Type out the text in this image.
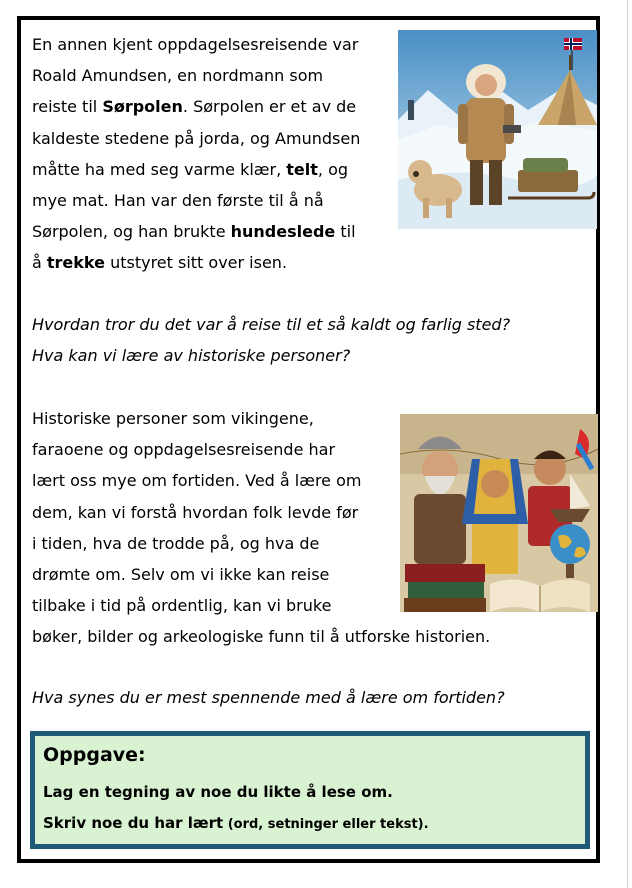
En annen kjent oppdagelsesreisende var
Roald Amundsen, en nordmann som
reiste til Sørpolen. Sørpolen er et av de
kaldeste stedene på jorda, og Amundsen
måtte ha med seg varme klær, telt, og
mye mat. Han var den første til å nå
Sørpolen, og han brukte hundeslede til
å trekke utstyret sitt over isen.
Hvordan tror du det var å reise til et så kaldt og farlig sted?
Hva kan vi lære av historiske personer?
Historiske personer som vikingene,
faraoene og oppdagelsesreisende har
lært oss mye om fortiden. Ved å lære om
dem, kan vi forstå hvordan folk levde før
i tiden, hva de trodde på, og hva de
drømte om. Selv om vi ikke kan reise
tilbake i tid på ordentlig, kan vi bruke
bøker, bilder og arkeologiske funn til å utforske historien.
Hva synes du er mest spennende med å lære om fortiden?

Oppgave:

Lag en tegning av noe du likte å lese om.

Skriv noe du har lært (ord, setninger eller tekst).
